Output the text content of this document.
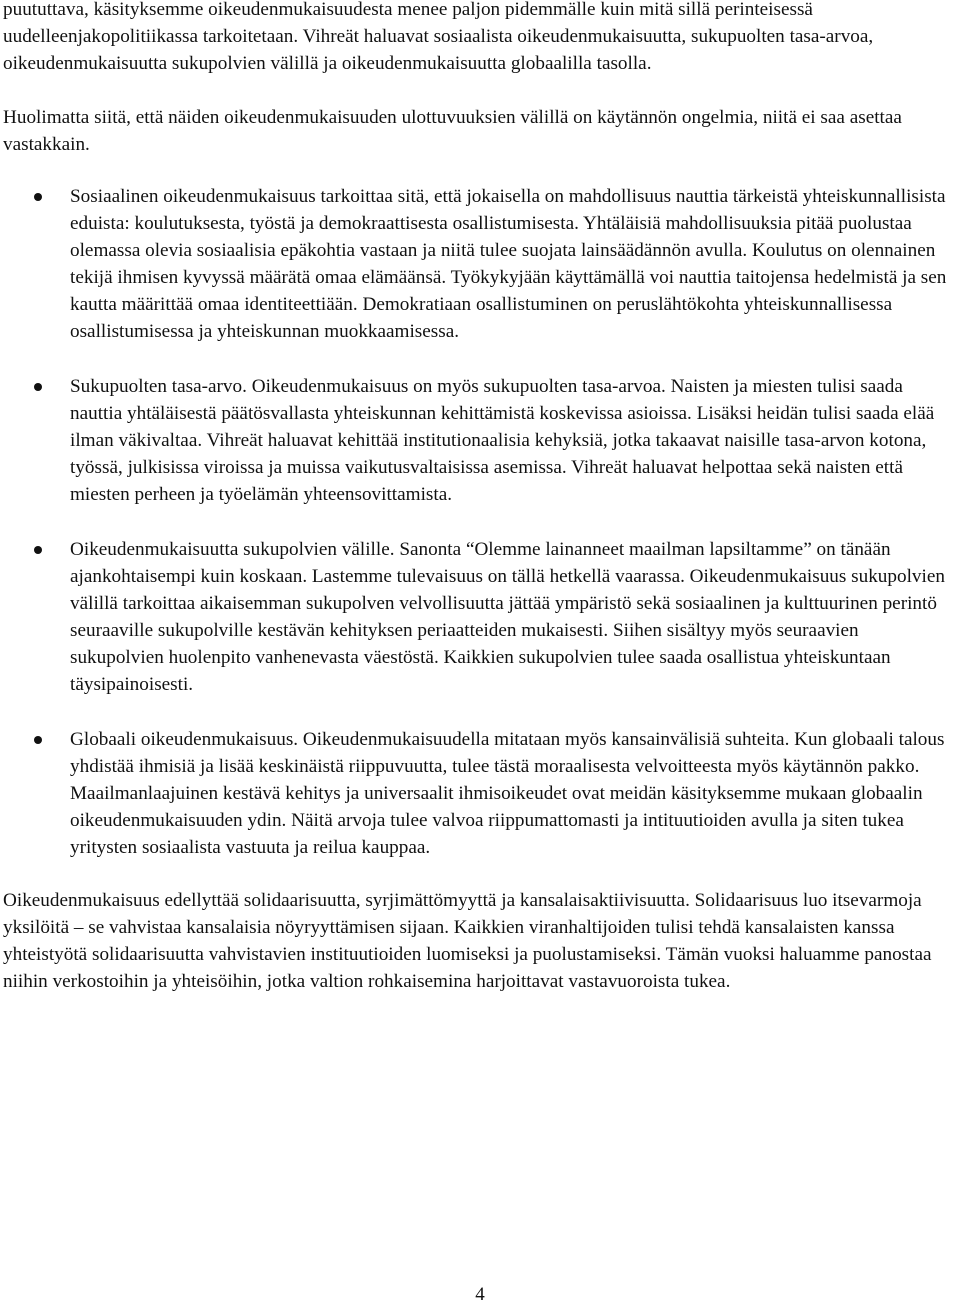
puututtava, käsityksemme oikeudenmukaisuudesta menee paljon pidemmälle kuin mitä sillä perinteisessä uudelleenjakopolitiikassa tarkoitetaan. Vihreät haluavat sosiaalista oikeudenmukaisuutta, sukupuolten tasa-arvoa, oikeudenmukaisuutta sukupolvien välillä ja oikeudenmukaisuutta globaalilla tasolla.

Huolimatta siitä, että näiden oikeudenmukaisuuden ulottuvuuksien välillä on käytännön ongelmia, niitä ei saa asettaa vastakkain.

Sosiaalinen oikeudenmukaisuus tarkoittaa sitä, että jokaisella on mahdollisuus nauttia tärkeistä yhteiskunnallisista eduista: koulutuksesta, työstä ja demokraattisesta osallistumisesta. Yhtäläisiä mahdollisuuksia pitää puolustaa olemassa olevia sosiaalisia epäkohtia vastaan ja niitä tulee suojata lainsäädännön avulla. Koulutus on olennainen tekijä ihmisen kyvyssä määrätä omaa elämäänsä. Työkykyjään käyttämällä voi nauttia taitojensa hedelmistä ja sen kautta määrittää omaa identiteettiään. Demokratiaan osallistuminen on peruslähtökohta yhteiskunnallisessa osallistumisessa ja yhteiskunnan muokkaamisessa.
Sukupuolten tasa-arvo. Oikeudenmukaisuus on myös sukupuolten tasa-arvoa. Naisten ja miesten tulisi saada nauttia yhtäläisestä päätösvallasta yhteiskunnan kehittämistä koskevissa asioissa. Lisäksi heidän tulisi saada elää ilman väkivaltaa. Vihreät haluavat kehittää institutionaalisia kehyksiä, jotka takaavat naisille tasa-arvon kotona, työssä, julkisissa viroissa ja muissa vaikutusvaltaisissa asemissa. Vihreät haluavat helpottaa sekä naisten että miesten perheen ja työelämän yhteensovittamista.
Oikeudenmukaisuutta sukupolvien välille. Sanonta “Olemme lainanneet maailman lapsiltamme” on tänään ajankohtaisempi kuin koskaan. Lastemme tulevaisuus on tällä hetkellä vaarassa. Oikeudenmukaisuus sukupolvien välillä tarkoittaa aikaisemman sukupolven velvollisuutta jättää ympäristö sekä sosiaalinen ja kulttuurinen perintö seuraaville sukupolville kestävän kehityksen periaatteiden mukaisesti. Siihen sisältyy myös seuraavien sukupolvien huolenpito vanhenevasta väestöstä. Kaikkien sukupolvien tulee saada osallistua yhteiskuntaan täysipainoisesti.
Globaali oikeudenmukaisuus. Oikeudenmukaisuudella mitataan myös kansainvälisiä suhteita. Kun globaali talous yhdistää ihmisiä ja lisää keskinäistä riippuvuutta, tulee tästä moraalisesta velvoitteesta myös käytännön pakko. Maailmanlaajuinen kestävä kehitys ja universaalit ihmisoikeudet ovat meidän käsityksemme mukaan globaalin oikeudenmukaisuuden ydin. Näitä arvoja tulee valvoa riippumattomasti ja intituutioiden avulla ja siten tukea yritysten sosiaalista vastuuta ja reilua kauppaa.

Oikeudenmukaisuus edellyttää solidaarisuutta, syrjimättömyyttä ja kansalaisaktiivisuutta. Solidaarisuus luo itsevarmoja yksilöitä – se vahvistaa kansalaisia nöyryyttämisen sijaan. Kaikkien viranhaltijoiden tulisi tehdä kansalaisten kanssa yhteistyötä solidaarisuutta vahvistavien instituutioiden luomiseksi ja puolustamiseksi. Tämän vuoksi haluamme panostaa niihin verkostoihin ja yhteisöihin, jotka valtion rohkaisemina harjoittavat vastavuoroista tukea.

4
